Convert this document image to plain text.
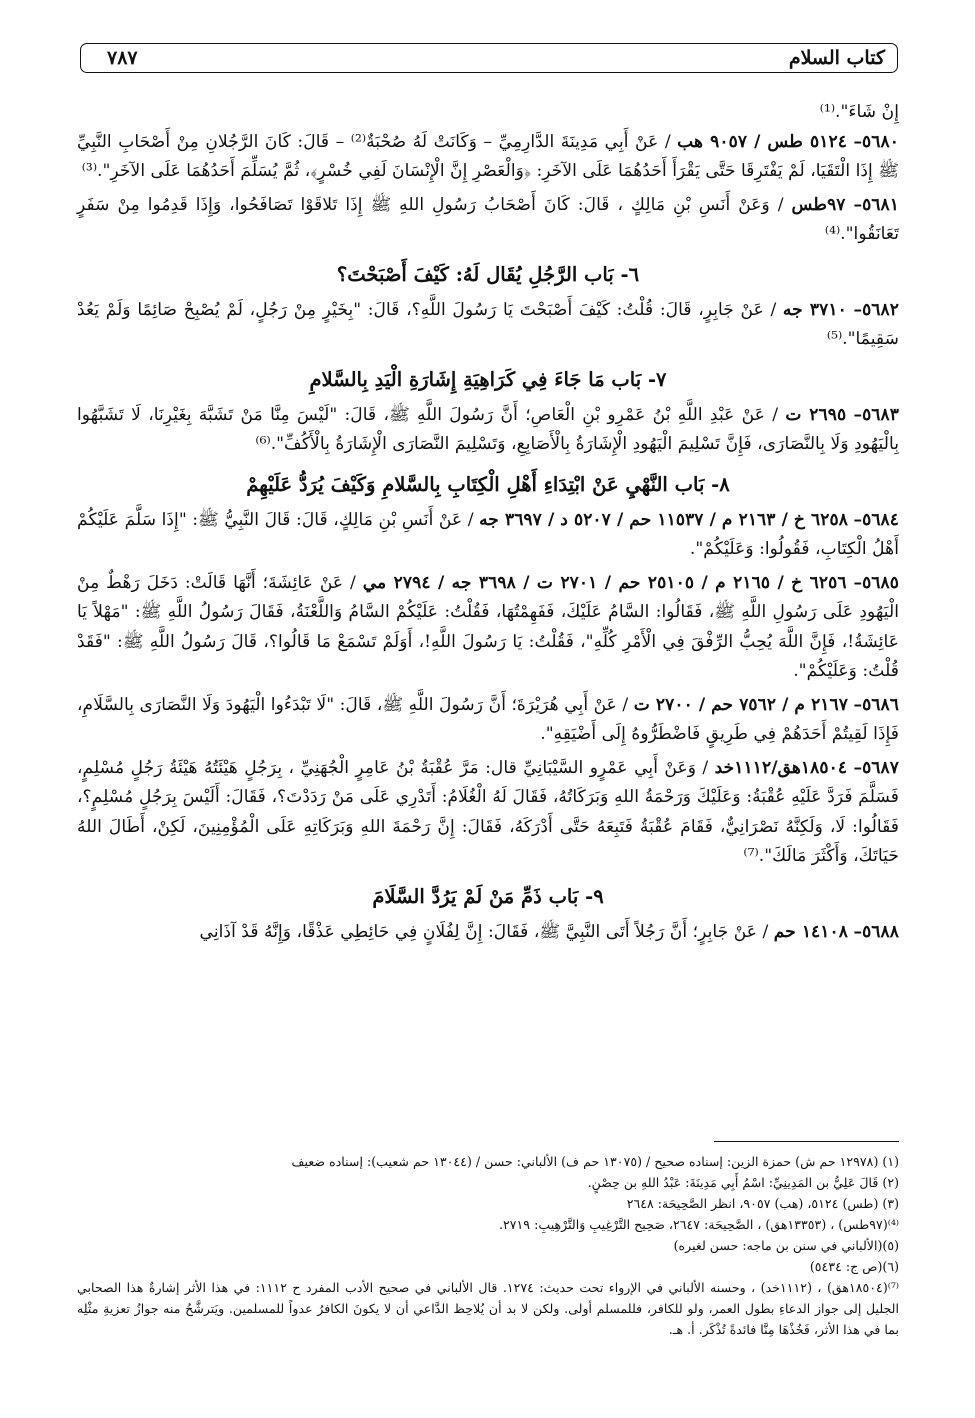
كتاب السلام
٧٨٧

إِنْ شَاءَ".⁽¹⁾

٥٦٨٠– ٥١٢٤ طس / ٩٠٥٧ هب / عَنْ أَبِي مَدِينَةَ الدَّارِمِيِّ – وَكَانَتْ لَهُ صُحْبَةٌ⁽²⁾ – قَالَ: كَانَ الرَّجُلانِ مِنْ أَصْحَابِ النَّبِيِّ ﷺ إِذَا الْتَقَيَا، لَمْ يَفْتَرِقَا حَتَّى يَقْرَأَ أَحَدُهُمَا عَلَى الآخَرِ: ﴿وَالْعَصْرِ إِنَّ الْإِنْسَانَ لَفِي خُسْرٍ﴾، ثُمَّ يُسَلِّمَ أَحَدُهُمَا عَلَى الآخَرِ".⁽³⁾

٥٦٨١– ٩٧طس / وَعَنْ أَنَسِ بْنِ مَالِكٍ ، قَالَ: كَانَ أَصْحَابُ رَسُولِ اللهِ ﷺ إِذَا تَلاقَوْا تَصَافَحُوا، وَإِذَا قَدِمُوا مِنْ سَفَرٍ تَعَانَقُوا".⁽⁴⁾

٦- بَاب الرَّجُلِ يُقَال لَهُ: كَيْفَ أَصْبَحْتَ؟

٥٦٨٢– ٣٧١٠ جه / عَنْ جَابِرٍ، قَالَ: قُلْتُ: كَيْفَ أَصْبَحْتَ يَا رَسُولَ اللَّهِ؟، قَالَ: "بِخَيْرٍ مِنْ رَجُلٍ، لَمْ يُصْبِحْ صَائِمًا وَلَمْ يَعُدْ سَقِيمًا".⁽⁵⁾

٧- بَاب مَا جَاءَ فِي كَرَاهِيَةِ إِشَارَةِ الْيَدِ بِالسَّلامِ

٥٦٨٣– ٢٦٩٥ ت / عَنْ عَبْدِ اللَّهِ بْنُ عَمْرِو بْنِ الْعَاصِ؛ أَنَّ رَسُولَ اللَّهِ ﷺ، قَالَ: "لَيْسَ مِنَّا مَنْ تَشَبَّهَ بِغَيْرِنَا، لَا تَشَبَّهُوا بِالْيَهُودِ وَلَا بِالنَّصَارَى، فَإِنَّ تَسْلِيمَ الْيَهُودِ الْإِشَارَةُ بِالْأَصَابِعِ، وَتَسْلِيمَ النَّصَارَى الْإِشَارَةُ بِالْأَكُفِّ".⁽⁶⁾

٨- بَاب النَّهْيِ عَنْ ابْتِدَاءِ أَهْلِ الْكِتَابِ بِالسَّلامِ وَكَيْفَ يُرَدُّ عَلَيْهِمْ

٥٦٨٤– ٦٢٥٨ خ / ٢١٦٣ م / ١١٥٣٧ حم / ٥٢٠٧ د / ٣٦٩٧ جه / عَنْ أَنَسِ بْنِ مَالِكٍ، قَالَ: قَالَ النَّبِيُّ ﷺ: "إِذَا سَلَّمَ عَلَيْكُمْ أَهْلُ الْكِتَابِ، فَقُولُوا: وَعَلَيْكُمْ".

٥٦٨٥– ٦٢٥٦ خ / ٢١٦٥ م / ٢٥١٠٥ حم / ٢٧٠١ ت / ٣٦٩٨ جه / ٢٧٩٤ مي / عَنْ عَائِشَةَ؛ أَنَّهَا قَالَتْ: دَخَلَ رَهْطٌ مِنْ الْيَهُودِ عَلَى رَسُولِ اللَّهِ ﷺ، فَقَالُوا: السَّامُ عَلَيْكَ، فَفَهِمْتُهَا، فَقُلْتُ: عَلَيْكُمْ السَّامُ وَاللَّعْنَةُ، فَقَالَ رَسُولُ اللَّهِ ﷺ: "مَهْلاً يَا عَائِشَةُ!، فَإِنَّ اللَّهَ يُحِبُّ الرِّفْقَ فِي الْأَمْرِ كُلِّهِ"، فَقُلْتُ: يَا رَسُولَ اللَّهِ!، أَوَلَمْ تَسْمَعْ مَا قَالُوا؟، قَالَ رَسُولُ اللَّهِ ﷺ: "فَقَدْ قُلْتُ: وَعَلَيْكُمْ".

٥٦٨٦– ٢١٦٧ م / ٧٥٦٢ حم / ٢٧٠٠ ت / عَنْ أَبِي هُرَيْرَةَ؛ أَنَّ رَسُولَ اللَّهِ ﷺ، قَالَ: "لَا تَبْدَءُوا الْيَهُودَ وَلَا النَّصَارَى بِالسَّلَامِ، فَإِذَا لَقِيتُمْ أَحَدَهُمْ فِي طَرِيقٍ فَاضْطَرُّوهُ إِلَى أَضْيَقِهِ".

٥٦٨٧– ١٨٥٠٤هق/١١١٢خد / وَعَنْ أَبِي عَمْرٍو السَّيْبَانِيِّ قال: مَرَّ عُقْبَةُ بْنُ عَامِرٍ الْجُهَنِيِّ ، بِرَجُلٍ هَيْئَتُهُ هَيْئَةُ رَجُلٍ مُسْلِمٍ، فَسَلَّمَ فَرَدَّ عَلَيْهِ عُقْبَةُ: وَعَلَيْكَ وَرَحْمَةُ اللهِ وَبَرَكَاتُهُ، فَقَالَ لَهُ الْغُلَامُ: أَتَدْرِي عَلَى مَنْ رَدَدْتَ؟، فَقَالَ: أَلَيْسَ بِرَجُلٍ مُسْلِمٍ؟، فَقَالُوا: لَا، وَلَكِنَّهُ نَصْرَانِيٌّ، فَقَامَ عُقْبَةُ فَتَبِعَهُ حَتَّى أَدْرَكَهُ، فَقَالَ: إِنَّ رَحْمَةَ اللهِ وَبَرَكَاتِهِ عَلَى الْمُؤْمِنِينَ، لَكِنْ، أَطَالَ اللهُ حَيَاتَكَ، وَأَكْثَرَ مَالَكَ".⁽⁷⁾

٩- بَاب ذَمِّ مَنْ لَمْ يَرُدَّ السَّلَامَ

٥٦٨٨– ١٤١٠٨ حم / عَنْ جَابِرٍ؛ أَنَّ رَجُلاً أَتَى النَّبِيَّ ﷺ، فَقَالَ: إِنَّ لِفُلَانٍ فِي حَائِطِي عَذْقًا، وَإِنَّهُ قَدْ آذَانِي

(١) (١٢٩٧٨ حم ش) حمزة الزين: إسناده صحيح / (١٣٠٧٥ حم ف) الألباني: حسن / (١٣٠٤٤ حم شعيب): إسناده ضعيف

(٢) قَالَ عَلِيُّ بن المَدِينِيِّ: اسْمُ أَبِي مَدِينَةَ: عَبْدُ اللهِ بن حِصْنٍ.

(٣) (طس) ٥١٢٤، (هب) ٩٠٥٧، انظر الصَّحِيحَة: ٢٦٤٨

⁽⁴⁾(٩٧طس) ، (١٣٣٥٣هق) ، الصَّحِيحَة: ٢٦٤٧، صَحِيح التَّرْغِيبِ وَالتَّرْهِيبِ: ٢٧١٩.

(٥)(الألباني في سنن بن ماجه: حسن لغيره)

(٦)(ص ج: ٥٤٣٤)

⁽⁷⁾(١٨٥٠٤هق) ، (١١١٢خد) ، وحسنه الألباني في الإرواء تحت حديث: ١٢٧٤. قال الألباني في صحيح الأدب المفرد ح ١١١٢: في هذا الأثر إشارةٌ هذا الصحابي الجليل إلى جواز الدعاءِ بطول العمر، ولو للكافر، فللمسلم أولى. ولكن لا بد أن يُلاحِظ الدَّاعي أن لا يكونَ الكافرُ عدواً للمسلمين. ويَترشَّحُ منه جوازُ تعزيةِ مثْلِه بما في هذا الأثر، فَخُذْهَا مِنَّا فائدةً تُذْكَر. أ. هـ.
